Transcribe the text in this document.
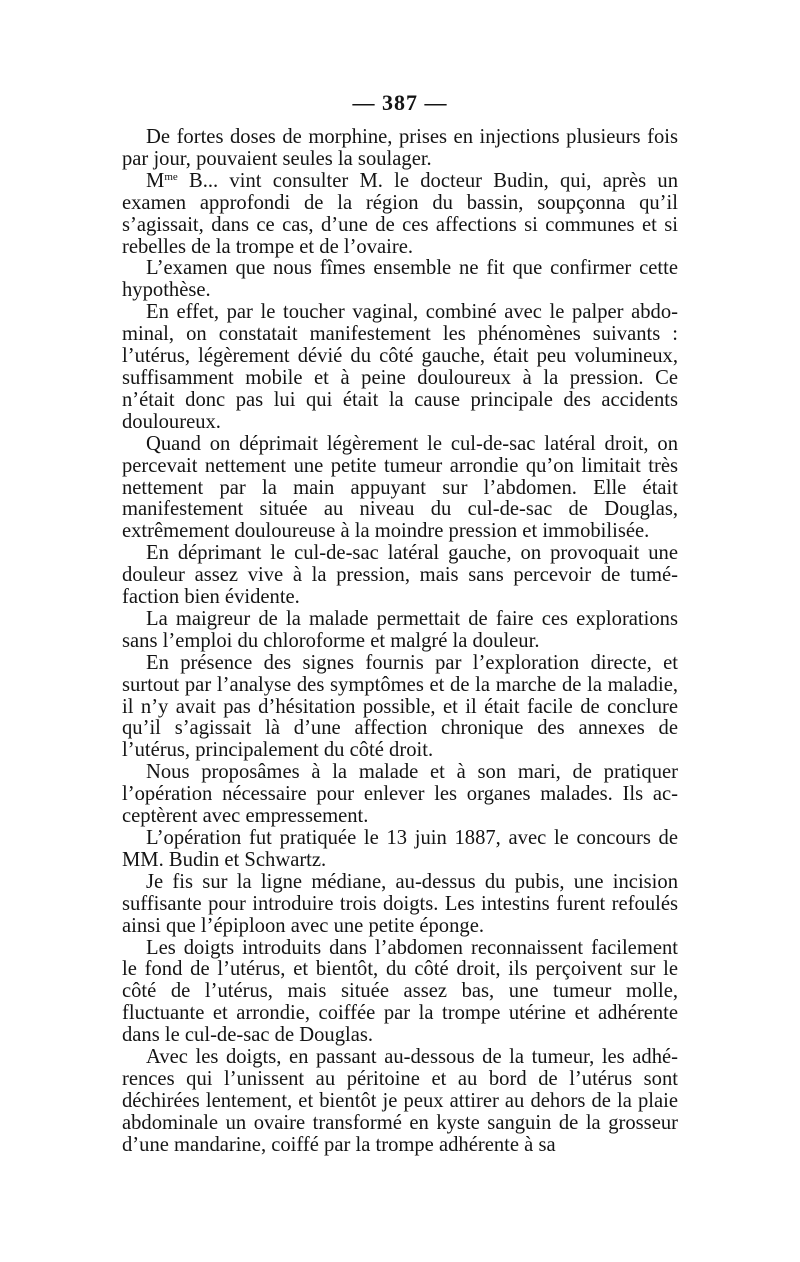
— 387 —

De fortes doses de morphine, prises en injections plusieurs fois par jour, pouvaient seules la soulager.

$M^{me}$ B... vint consulter M. le docteur Budin, qui, après un examen approfondi de la région du bassin, soupçonna qu’il s’agissait, dans ce cas, d’une de ces affections si communes et si rebelles de la trompe et de l’ovaire.

L’examen que nous fîmes ensemble ne fit que confirmer cette hypothèse.

En effet, par le toucher vaginal, combiné avec le palper abdominal, on constatait manifestement les phénomènes suivants : l’utérus, légèrement dévié du côté gauche, était peu volumineux, suffisamment mobile et à peine douloureux à la pression. Ce n’était donc pas lui qui était la cause principale des accidents douloureux.

Quand on déprimait légèrement le cul-de-sac latéral droit, on percevait nettement une petite tumeur arrondie qu’on limitait très nettement par la main appuyant sur l’abdomen. Elle était manifestement située au niveau du cul-de-sac de Douglas, extrêmement douloureuse à la moindre pression et immobilisée.

En déprimant le cul-de-sac latéral gauche, on provoquait une douleur assez vive à la pression, mais sans percevoir de tuméfaction bien évidente.

La maigreur de la malade permettait de faire ces explorations sans l’emploi du chloroforme et malgré la douleur.

En présence des signes fournis par l’exploration directe, et surtout par l’analyse des symptômes et de la marche de la maladie, il n’y avait pas d’hésitation possible, et il était facile de conclure qu’il s’agissait là d’une affection chronique des annexes de l’utérus, principalement du côté droit.

Nous proposâmes à la malade et à son mari, de pratiquer l’opération nécessaire pour enlever les organes malades. Ils acceptèrent avec empressement.

L’opération fut pratiquée le 13 juin 1887, avec le concours de MM. Budin et Schwartz.

Je fis sur la ligne médiane, au-dessus du pubis, une incision suffisante pour introduire trois doigts. Les intestins furent refoulés ainsi que l’épiploon avec une petite éponge.

Les doigts introduits dans l’abdomen reconnaissent facilement le fond de l’utérus, et bientôt, du côté droit, ils perçoivent sur le côté de l’utérus, mais située assez bas, une tumeur molle, fluctuante et arrondie, coiffée par la trompe utérine et adhérente dans le cul-de-sac de Douglas.

Avec les doigts, en passant au-dessous de la tumeur, les adhérences qui l’unissent au péritoine et au bord de l’utérus sont déchirées lentement, et bientôt je peux attirer au dehors de la plaie abdominale un ovaire transformé en kyste sanguin de la grosseur d’une mandarine, coiffé par la trompe adhérente à sa
